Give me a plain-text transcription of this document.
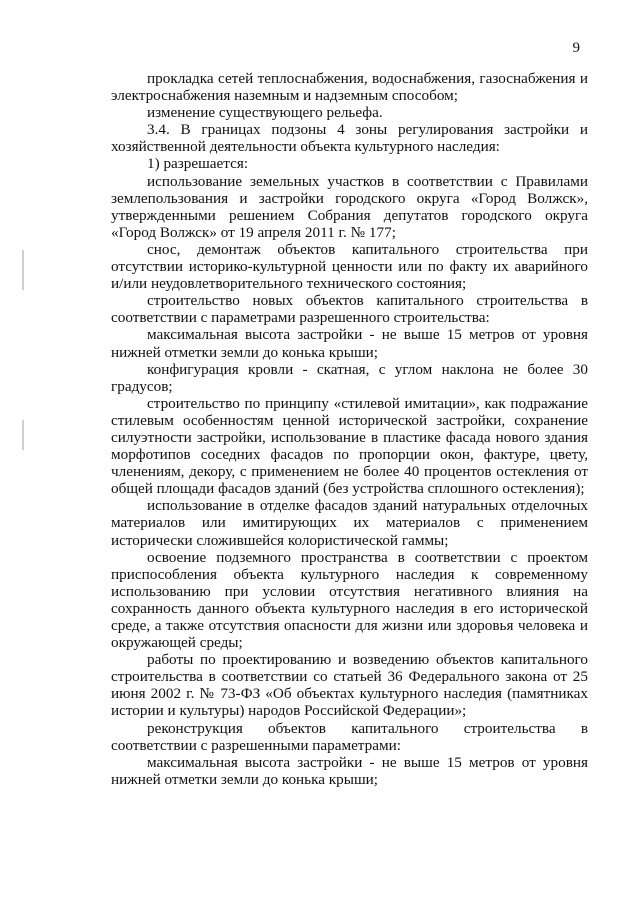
9

прокладка сетей теплоснабжения, водоснабжения, газоснабжения и электроснабжения наземным и надземным способом;

изменение существующего рельефа.

3.4. В границах подзоны 4 зоны регулирования застройки и хозяйственной деятельности объекта культурного наследия:

1) разрешается:

использование земельных участков в соответствии с Правилами землепользования и застройки городского округа «Город Волжск», утвержденными решением Собрания депутатов городского округа «Город Волжск» от 19 апреля 2011 г. № 177;

снос, демонтаж объектов капитального строительства при отсутствии историко-культурной ценности или по факту их аварийного и/или неудовлетворительного технического состояния;

строительство новых объектов капитального строительства в соответствии с параметрами разрешенного строительства:

максимальная высота застройки - не выше 15 метров от уровня нижней отметки земли до конька крыши;

конфигурация кровли - скатная, с углом наклона не более 30 градусов;

строительство по принципу «стилевой имитации», как подражание стилевым особенностям ценной исторической застройки, сохранение силуэтности застройки, использование в пластике фасада нового здания морфотипов соседних фасадов по пропорции окон, фактуре, цвету, членениям, декору, с применением не более 40 процентов остекления от общей площади фасадов зданий (без устройства сплошного остекления);

использование в отделке фасадов зданий натуральных отделочных материалов или имитирующих их материалов с применением исторически сложившейся колористической гаммы;

освоение подземного пространства в соответствии с проектом приспособления объекта культурного наследия к современному использованию при условии отсутствия негативного влияния на сохранность данного объекта культурного наследия в его исторической среде, а также отсутствия опасности для жизни или здоровья человека и окружающей среды;

работы по проектированию и возведению объектов капитального строительства в соответствии со статьей 36 Федерального закона от 25 июня 2002 г. № 73-ФЗ «Об объектах культурного наследия (памятниках истории и культуры) народов Российской Федерации»;

реконструкция объектов капитального строительства в соответствии с разрешенными параметрами:

максимальная высота застройки - не выше 15 метров от уровня нижней отметки земли до конька крыши;
